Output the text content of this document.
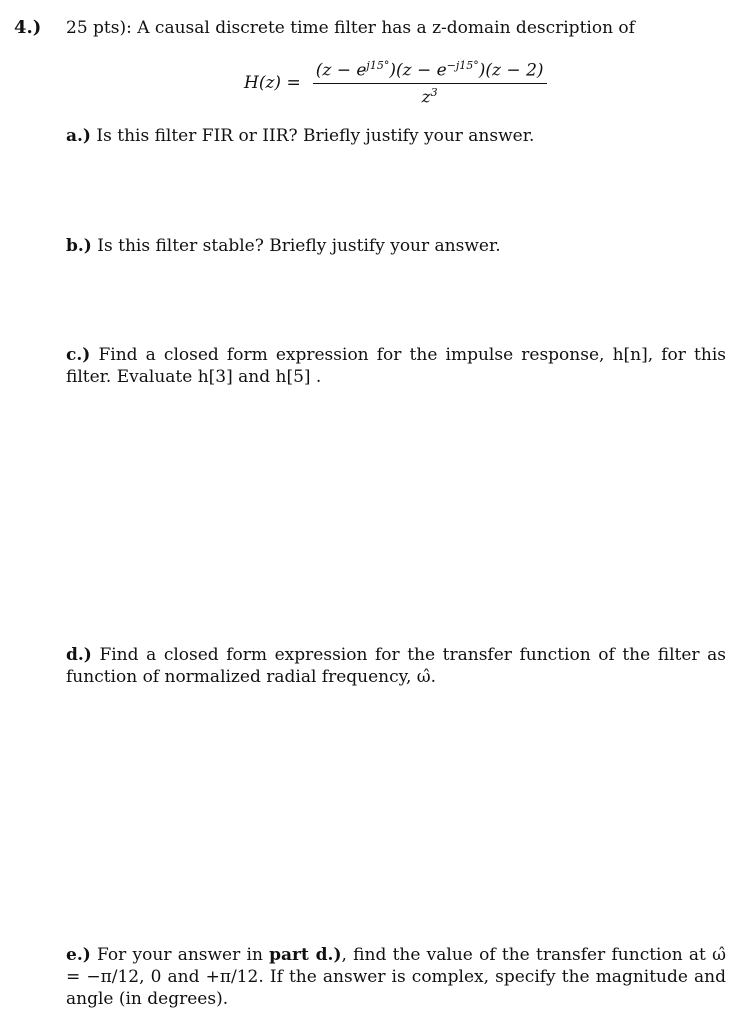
4.) 25 pts): A causal discrete time filter has a z-domain description of
$H(z) = \frac{(z - e^{j15^\circ})(z - e^{-j15^\circ})(z - 2)}{z^3}$
a.) Is this filter FIR or IIR? Briefly justify your answer.
b.) Is this filter stable? Briefly justify your answer.
c.) Find a closed form expression for the impulse response, h[n], for this filter. Evaluate h[3] and h[5] .
d.) Find a closed form expression for the transfer function of the filter as function of normalized radial frequency, ω̂.
e.) For your answer in part d.), find the value of the transfer function at ω̂ = −π/12, 0 and +π/12. If the answer is complex, specify the magnitude and angle (in degrees).
